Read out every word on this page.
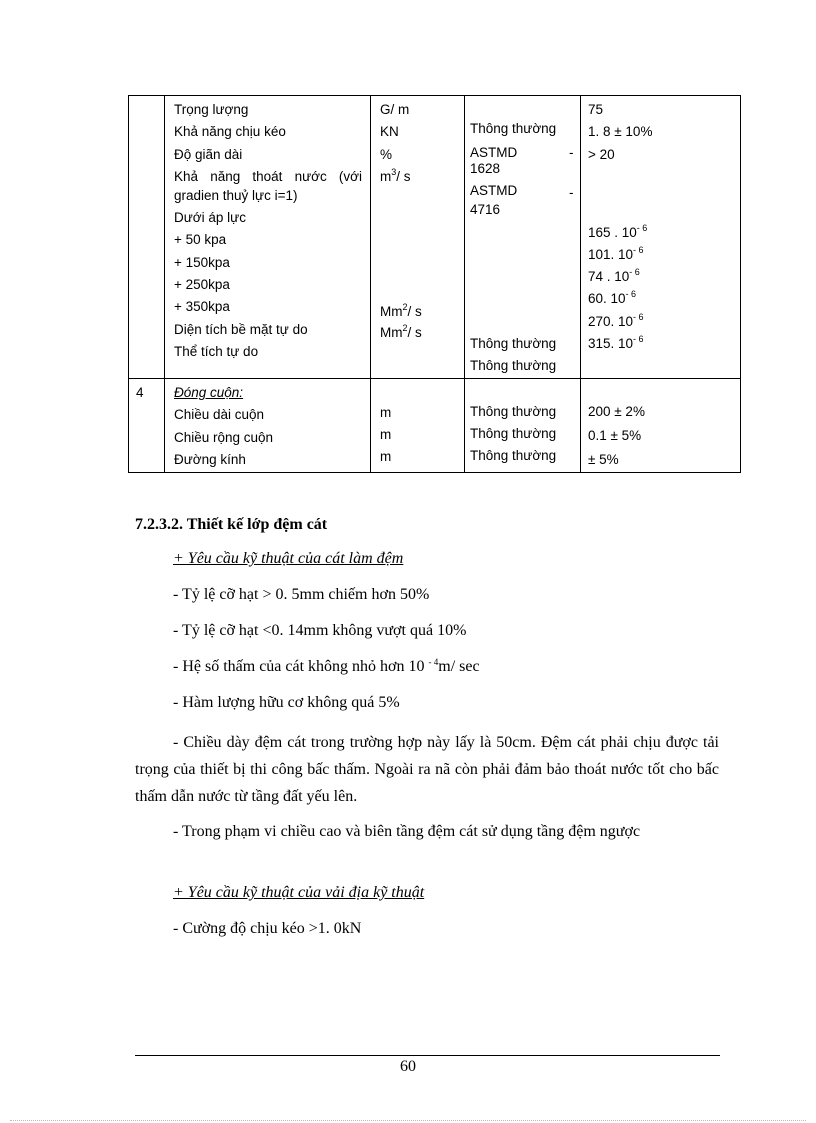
Trọng lượng
Khả năng chịu kéo
Độ giãn dài
Khả năng thoát nước (với
gradien thuỷ lực i=1)
Dưới áp lực
+ 50 kpa
+ 150kpa
+ 250kpa
+ 350kpa
Diện tích bề mặt tự do
Thể tích tự do
G/ m
KN
%
$m^3/$ s
Mm$^2$/ s
Mm$^2$/ s
Thông thường
ASTMD	-
1628
ASTMD	-
4716
Thông thường
Thông thường
75
1. 8 ± 10%
> 20
165 . $10^{- 6}$
101. $10^{- 6}$
74 . $10^{- 6}$
60. $10^{- 6}$
270. $10^{- 6}$
315. $10^{- 6}$
4 Đóng cuộn:
Chiều dài cuộn
Chiều rộng cuộn
Đường kính
m
m
m
Thông thường
Thông thường
Thông thường
200 ± 2%
0.1 ± 5%
± 5%
7.2.3.2. Thiết kế lớp đệm cát
+ Yêu cầu kỹ thuật của cát làm đệm
- Tỷ lệ cỡ hạt > 0. 5mm chiếm hơn 50%
- Tỷ lệ cỡ hạt <0. 14mm không vượt quá 10%
- Hệ số thấm của cát không nhỏ hơn 10 $^{- 4}$m/ sec
- Hàm lượng hữu cơ không quá 5%
- Chiều dày đệm cát trong trường hợp này lấy là 50cm. Đệm cát phải chịu được tải trọng của thiết bị thi công bấc thấm. Ngoài ra nã còn phải đảm bảo thoát nước tốt cho bấc thấm dẫn nước từ tầng đất yếu lên.
- Trong phạm vi chiều cao và biên tầng đệm cát sử dụng tầng đệm ngược
+ Yêu cầu kỹ thuật của vải địa kỹ thuật
- Cường độ chịu kéo >1. 0kN
60
